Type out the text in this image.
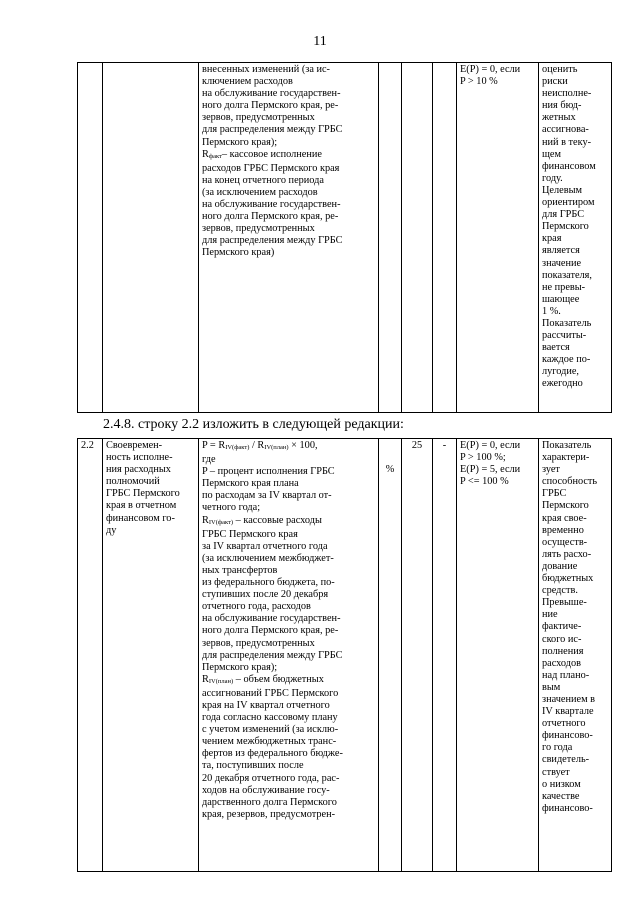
11

внесенных изменений (за ис-
ключением расходов
на обслуживание государствен-
ного долга Пермского края, ре-
зервов, предусмотренных
для распределения между ГРБС
Пермского края);
Rфакт– кассовое исполнение
расходов ГРБС Пермского края
на конец отчетного периода
(за исключением расходов
на обслуживание государствен-
ного долга Пермского края, ре-
зервов, предусмотренных
для распределения между ГРБС
Пермского края)

E(P) = 0, если
P > 10 %

оценить
риски
неисполне-
ния бюд-
жетных
ассигнова-
ний в теку-
щем
финансовом
году.
Целевым
ориентиром
для ГРБС
Пермского
края
является
значение
показателя,
не превы-
шающее
1 %.
Показатель
рассчиты-
вается
каждое по-
лугодие,
ежегодно
2.4.8. строку 2.2 изложить в следующей редакции:
2.2	Своевремен-
ность исполне-
ния расходных
полномочий
ГРБС Пермского
края в отчетном
финансовом го-
ду

P = RIV(факт) / RIV(план) × 100,
где
P – процент исполнения ГРБС
Пермского края плана
по расходам за IV квартал от-
четного года;
RIV(факт) – кассовые расходы
ГРБС Пермского края
за IV квартал отчетного года
(за исключением межбюджет-
ных трансфертов
из федерального бюджета, по-
ступивших после 20 декабря
отчетного года, расходов
на обслуживание государствен-
ного долга Пермского края, ре-
зервов, предусмотренных
для распределения между ГРБС
Пермского края);
RIV(план) – объем бюджетных
ассигнований ГРБС Пермского
края на IV квартал отчетного
года согласно кассовому плану
с учетом изменений (за исклю-
чением межбюджетных транс-
фертов из федерального бюдже-
та, поступивших после
20 декабря отчетного года, рас-
ходов на обслуживание госу-
дарственного долга Пермского
края, резервов, предусмотрен-

%	25	-	E(P) = 0, если
P > 100 %;
E(P) = 5, если
P <= 100 %

Показатель
характери-
зует
способность
ГРБС
Пермского
края свое-
временно
осуществ-
лять расхо-
дование
бюджетных
средств.
Превыше-
ние
фактиче-
ского ис-
полнения
расходов
над плано-
вым
значением в
IV квартале
отчетного
финансово-
го года
свидетель-
ствует
о низком
качестве
финансово-
